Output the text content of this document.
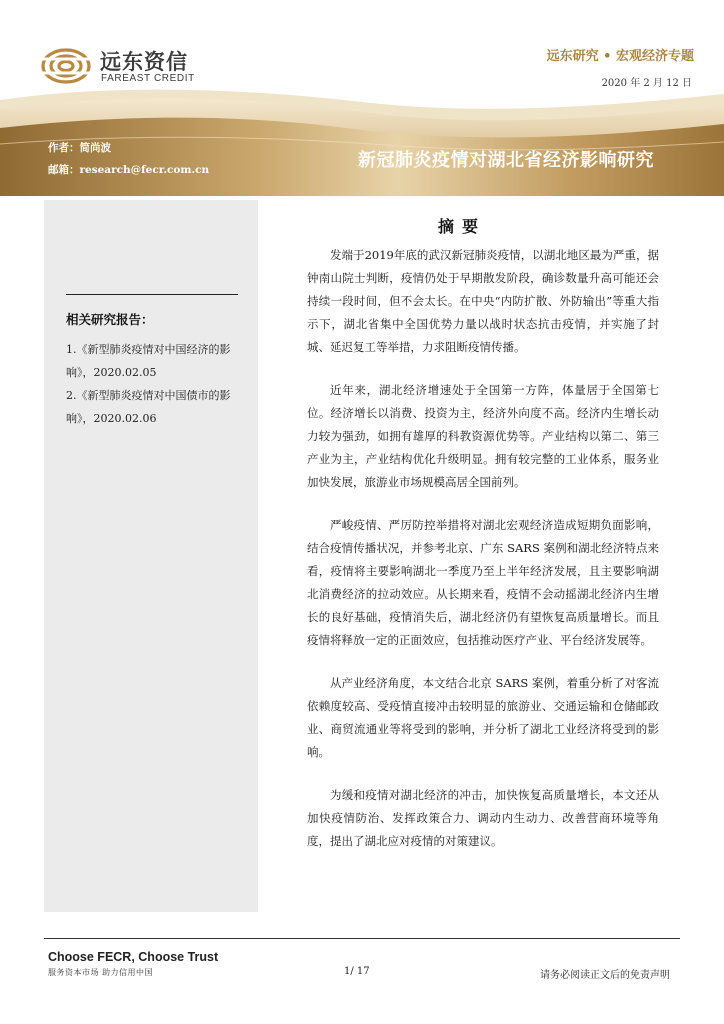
远东资信
FAREAST CREDIT
远东研究 • 宏观经济专题
2020 年 2 月 12 日
作者：简尚波
邮箱：research@fecr.com.cn	新冠肺炎疫情对湖北省经济影响研究
相关研究报告：

1.《新型肺炎疫情对中国经济的影响》，2020.02.05

2.《新型肺炎疫情对中国债市的影响》，2020.02.06

摘要

发端于2019年底的武汉新冠肺炎疫情，以湖北地区最为严重，据钟南山院士判断，疫情仍处于早期散发阶段，确诊数量升高可能还会持续一段时间，但不会太长。在中央“内防扩散、外防输出”等重大指示下，湖北省集中全国优势力量以战时状态抗击疫情，并实施了封城、延迟复工等举措，力求阻断疫情传播。

近年来，湖北经济增速处于全国第一方阵，体量居于全国第七位。经济增长以消费、投资为主，经济外向度不高。经济内生增长动力较为强劲，如拥有雄厚的科教资源优势等。产业结构以第二、第三产业为主，产业结构优化升级明显。拥有较完整的工业体系，服务业加快发展，旅游业市场规模高居全国前列。

严峻疫情、严厉防控举措将对湖北宏观经济造成短期负面影响，结合疫情传播状况，并参考北京、广东 SARS 案例和湖北经济特点来看，疫情将主要影响湖北一季度乃至上半年经济发展，且主要影响湖北消费经济的拉动效应。从长期来看，疫情不会动摇湖北经济内生增长的良好基础，疫情消失后，湖北经济仍有望恢复高质量增长。而且疫情将释放一定的正面效应，包括推动医疗产业、平台经济发展等。

从产业经济角度，本文结合北京 SARS 案例，着重分析了对客流依赖度较高、受疫情直接冲击较明显的旅游业、交通运输和仓储邮政业、商贸流通业等将受到的影响，并分析了湖北工业经济将受到的影响。

为缓和疫情对湖北经济的冲击，加快恢复高质量增长，本文还从加快疫情防治、发挥政策合力、调动内生动力、改善营商环境等角度，提出了湖北应对疫情的对策建议。

Choose FECR, Choose Trust
服务资本市场 助力信用中国	1/ 17	请务必阅读正文后的免责声明
